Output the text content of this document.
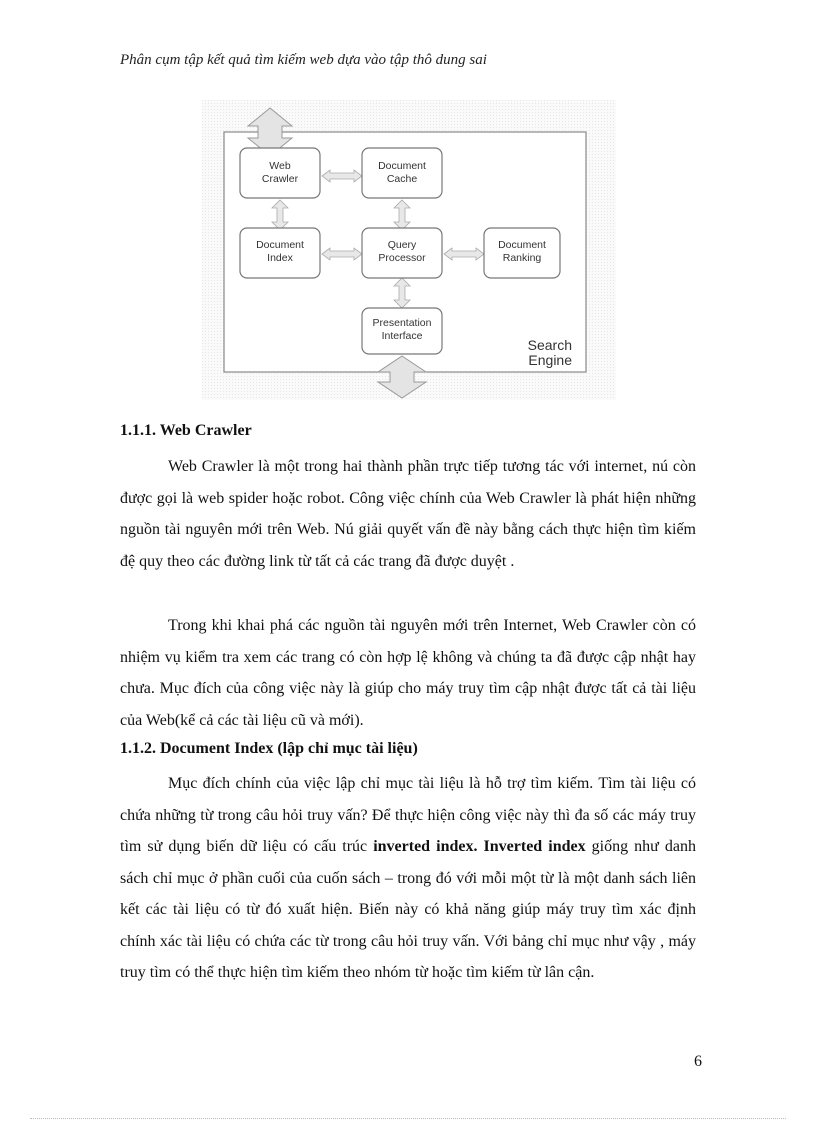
Phân cụm tập kết quả tìm kiếm web dựa vào tập thô dung sai
Web
Crawler
Document
Cache
Document
Index
Query
Processor
Document
Ranking
Presentation
Interface
Search
Engine
1.1.1. Web Crawler
Web Crawler là một trong hai thành phần trực tiếp tương tác với internet, nú còn được gọi là web spider hoặc robot. Công việc chính của Web Crawler là phát hiện những nguồn tài nguyên mới trên Web. Nú giải quyết vấn đề này bằng cách thực hiện tìm kiếm đệ quy theo các đường link từ tất cả các trang đã được duyệt .
Trong khi khai phá các nguồn tài nguyên mới trên Internet, Web Crawler còn có nhiệm vụ kiểm tra xem các trang có còn hợp lệ không và chúng ta đã được cập nhật hay chưa. Mục đích của công việc này là giúp cho máy truy tìm cập nhật được tất cả tài liệu của Web(kể cả các tài liệu cũ và mới).
1.1.2. Document Index (lập chỉ mục tài liệu)
Mục đích chính của việc lập chỉ mục tài liệu là hỗ trợ tìm kiếm. Tìm tài liệu có chứa những từ trong câu hỏi truy vấn? Để thực hiện công việc này thì đa số các máy truy tìm sử dụng biến dữ liệu có cấu trúc inverted index. Inverted index giống như danh sách chỉ mục ở phần cuối của cuốn sách – trong đó với mỗi một từ là một danh sách liên kết các tài liệu có từ đó xuất hiện. Biến này có khả năng giúp máy truy tìm xác định chính xác tài liệu có chứa các từ trong câu hỏi truy vấn. Với bảng chỉ mục như vậy , máy truy tìm có thể thực hiện tìm kiếm theo nhóm từ hoặc tìm kiếm từ lân cận.
6
